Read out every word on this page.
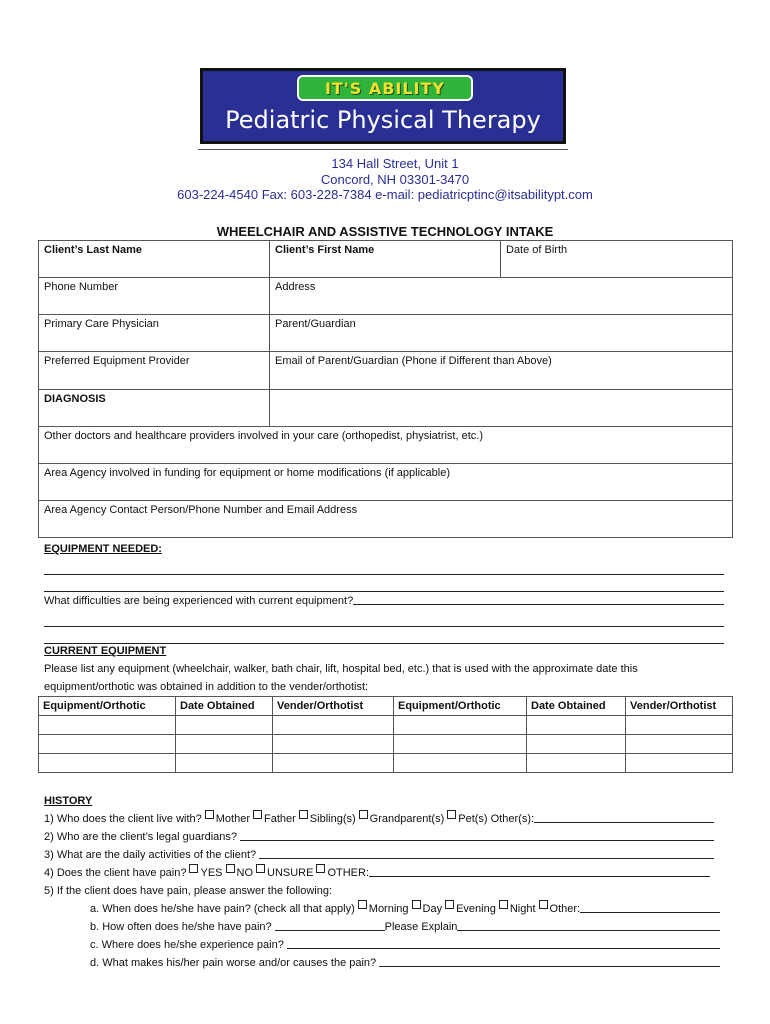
IT'S ABILITY
Pediatric Physical Therapy
134 Hall Street, Unit 1
Concord, NH 03301-3470
603-224-4540 Fax: 603-228-7384 e-mail: pediatricptinc@itsabilitypt.com
WHEELCHAIR AND ASSISTIVE TECHNOLOGY INTAKE
Client’s Last Name	Client’s First Name	Date of Birth
Phone Number	Address	
Primary Care Physician	Parent/Guardian	
Preferred Equipment Provider	Email of Parent/Guardian (Phone if Different than Above)	
DIAGNOSIS		
Other doctors and healthcare providers involved in your care (orthopedist, physiatrist, etc.)		
Area Agency involved in funding for equipment or home modifications (if applicable)		
Area Agency Contact Person/Phone Number and Email Address		
EQUIPMENT NEEDED:
What difficulties are being experienced with current equipment?
CURRENT EQUIPMENT
Please list any equipment (wheelchair, walker, bath chair, lift, hospital bed, etc.) that is used with the approximate date this
equipment/orthotic was obtained in addition to the vender/orthotist:
Equipment/Orthotic	Date Obtained	Vender/Orthotist	Equipment/Orthotic	Date Obtained	Vender/Orthotist

HISTORY
1) Who does the client live with? Mother Father Sibling(s) Grandparent(s) Pet(s) Other(s):
2) Who are the client’s legal guardians?
3) What are the daily activities of the client?
4) Does the client have pain? YES NO UNSURE OTHER:
5) If the client does have pain, please answer the following:
a. When does he/she have pain? (check all that apply) Morning Day Evening Night Other:
b. How often does he/she have pain?	Please Explain
c. Where does he/she experience pain?
d. What makes his/her pain worse and/or causes the pain?
